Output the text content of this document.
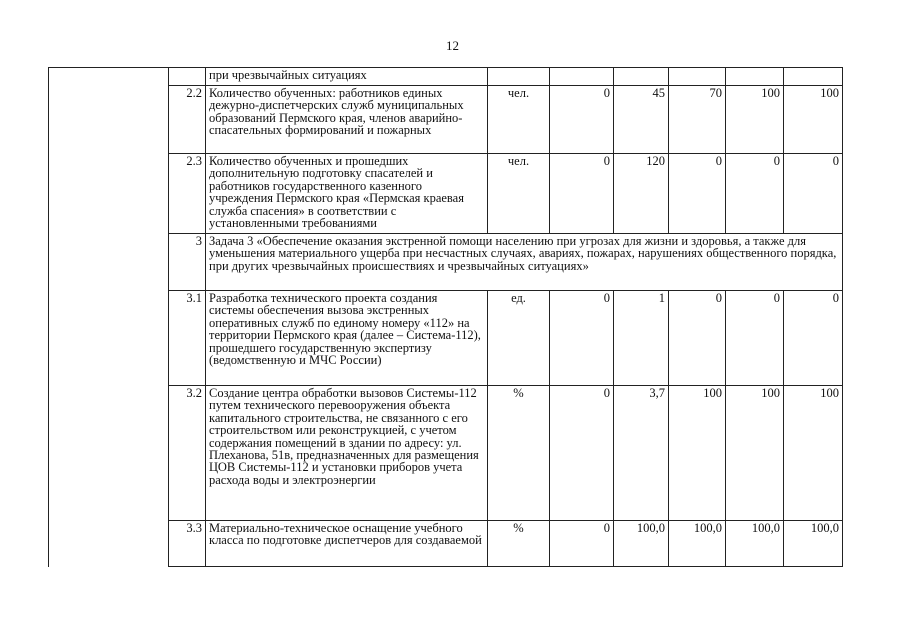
12
		при чрезвычайных ситуациях						
	2.2	Количество обученных: работников единых дежурно-диспетчерских служб муниципальных образований Пермского края, членов аварийно-спасательных формирований и пожарных	чел.	0	45	70	100	100
	2.3	Количество обученных и прошедших дополнительную подготовку спасателей и работников государственного казенного учреждения Пермского края «Пермская краевая служба спасения» в соответствии с установленными требованиями	чел.	0	120	0	0	0
	3	Задача 3 «Обеспечение оказания экстренной помощи населению при угрозах для жизни и здоровья, а также для уменьшения материального ущерба при несчастных случаях, авариях, пожарах, нарушениях общественного порядка, при других чрезвычайных происшествиях и чрезвычайных ситуациях»						
	3.1	Разработка технического проекта создания системы обеспечения вызова экстренных оперативных служб по единому номеру «112» на территории Пермского края (далее – Система-112), прошедшего государственную экспертизу (ведомственную и МЧС России)	ед.	0	1	0	0	0
	3.2	Создание центра обработки вызовов Системы-112 путем технического перевооружения объекта капитального строительства, не связанного с его строительством или реконструкцией, с учетом содержания помещений в здании по адресу: ул. Плеханова, 51в, предназначенных для размещения ЦОВ Системы-112 и установки приборов учета расхода воды и электроэнергии	%	0	3,7	100	100	100
	3.3	Материально-техническое оснащение учебного класса по подготовке диспетчеров для создаваемой	%	0	100,0	100,0	100,0	100,0
